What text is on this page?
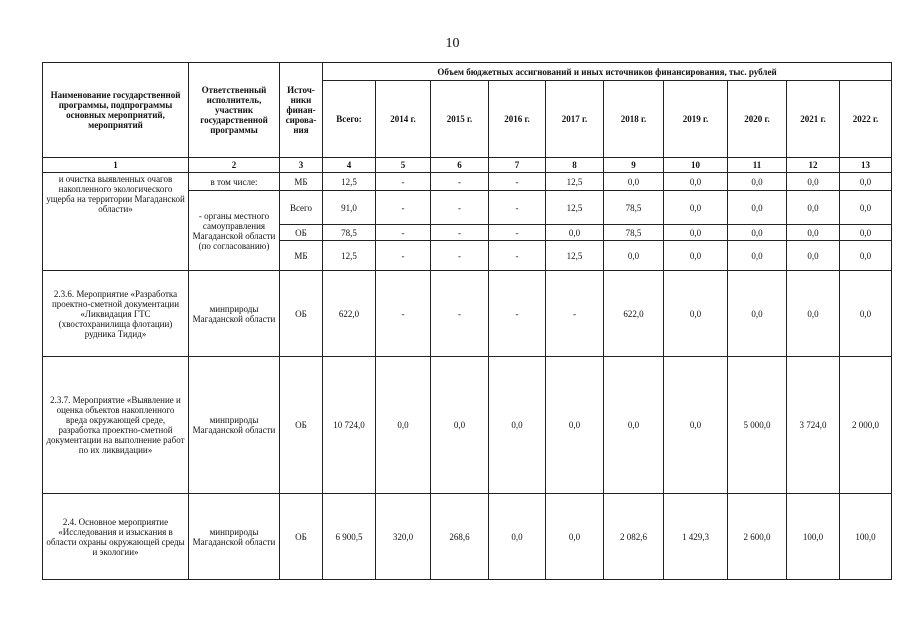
10
Наименование государственной программы, подпрограммы основных мероприятий, мероприятий	Ответственный исполнитель, участник государственной программы	Источ-ники финан-сирова-ния	Объем бюджетных ассигнований и иных источников финансирования, тыс. рублей									
			Всего:	2014 г.	2015 г.	2016 г.	2017 г.	2018 г.	2019 г.	2020 г.	2021 г.	2022 г.
1	2	3	4	5	6	7	8	9	10	11	12	13
и очистка выявленных очагов накопленного экологического ущерба на территории Магаданской области»	в том числе:	МБ	12,5	-	-	-	12,5	0,0	0,0	0,0	0,0	0,0
	- органы местного самоуправления Магаданской области (по согласованию)	Всего	91,0	-	-	-	12,5	78,5	0,0	0,0	0,0	0,0
		ОБ	78,5	-	-	-	0,0	78,5	0,0	0,0	0,0	0,0
		МБ	12,5	-	-	-	12,5	0,0	0,0	0,0	0,0	0,0
2.3.6. Мероприятие «Разработка проектно-сметной документации «Ликвидация ГТС (хвостохранилища флотации) рудника Тидид»	минприроды Магаданской области	ОБ	622,0	-	-	-	-	622,0	0,0	0,0	0,0	0,0
2.3.7. Мероприятие «Выявление и оценка объектов накопленного вреда окружающей среде, разработка проектно-сметной документации на выполнение работ по их ликвидации»	минприроды Магаданской области	ОБ	10 724,0	0,0	0,0	0,0	0,0	0,0	0,0	5 000,0	3 724,0	2 000,0
2.4. Основное мероприятие «Исследования и изыскания в области охраны окружающей среды и экологии»	минприроды Магаданской области	ОБ	6 900,5	320,0	268,6	0,0	0,0	2 082,6	1 429,3	2 600,0	100,0	100,0
